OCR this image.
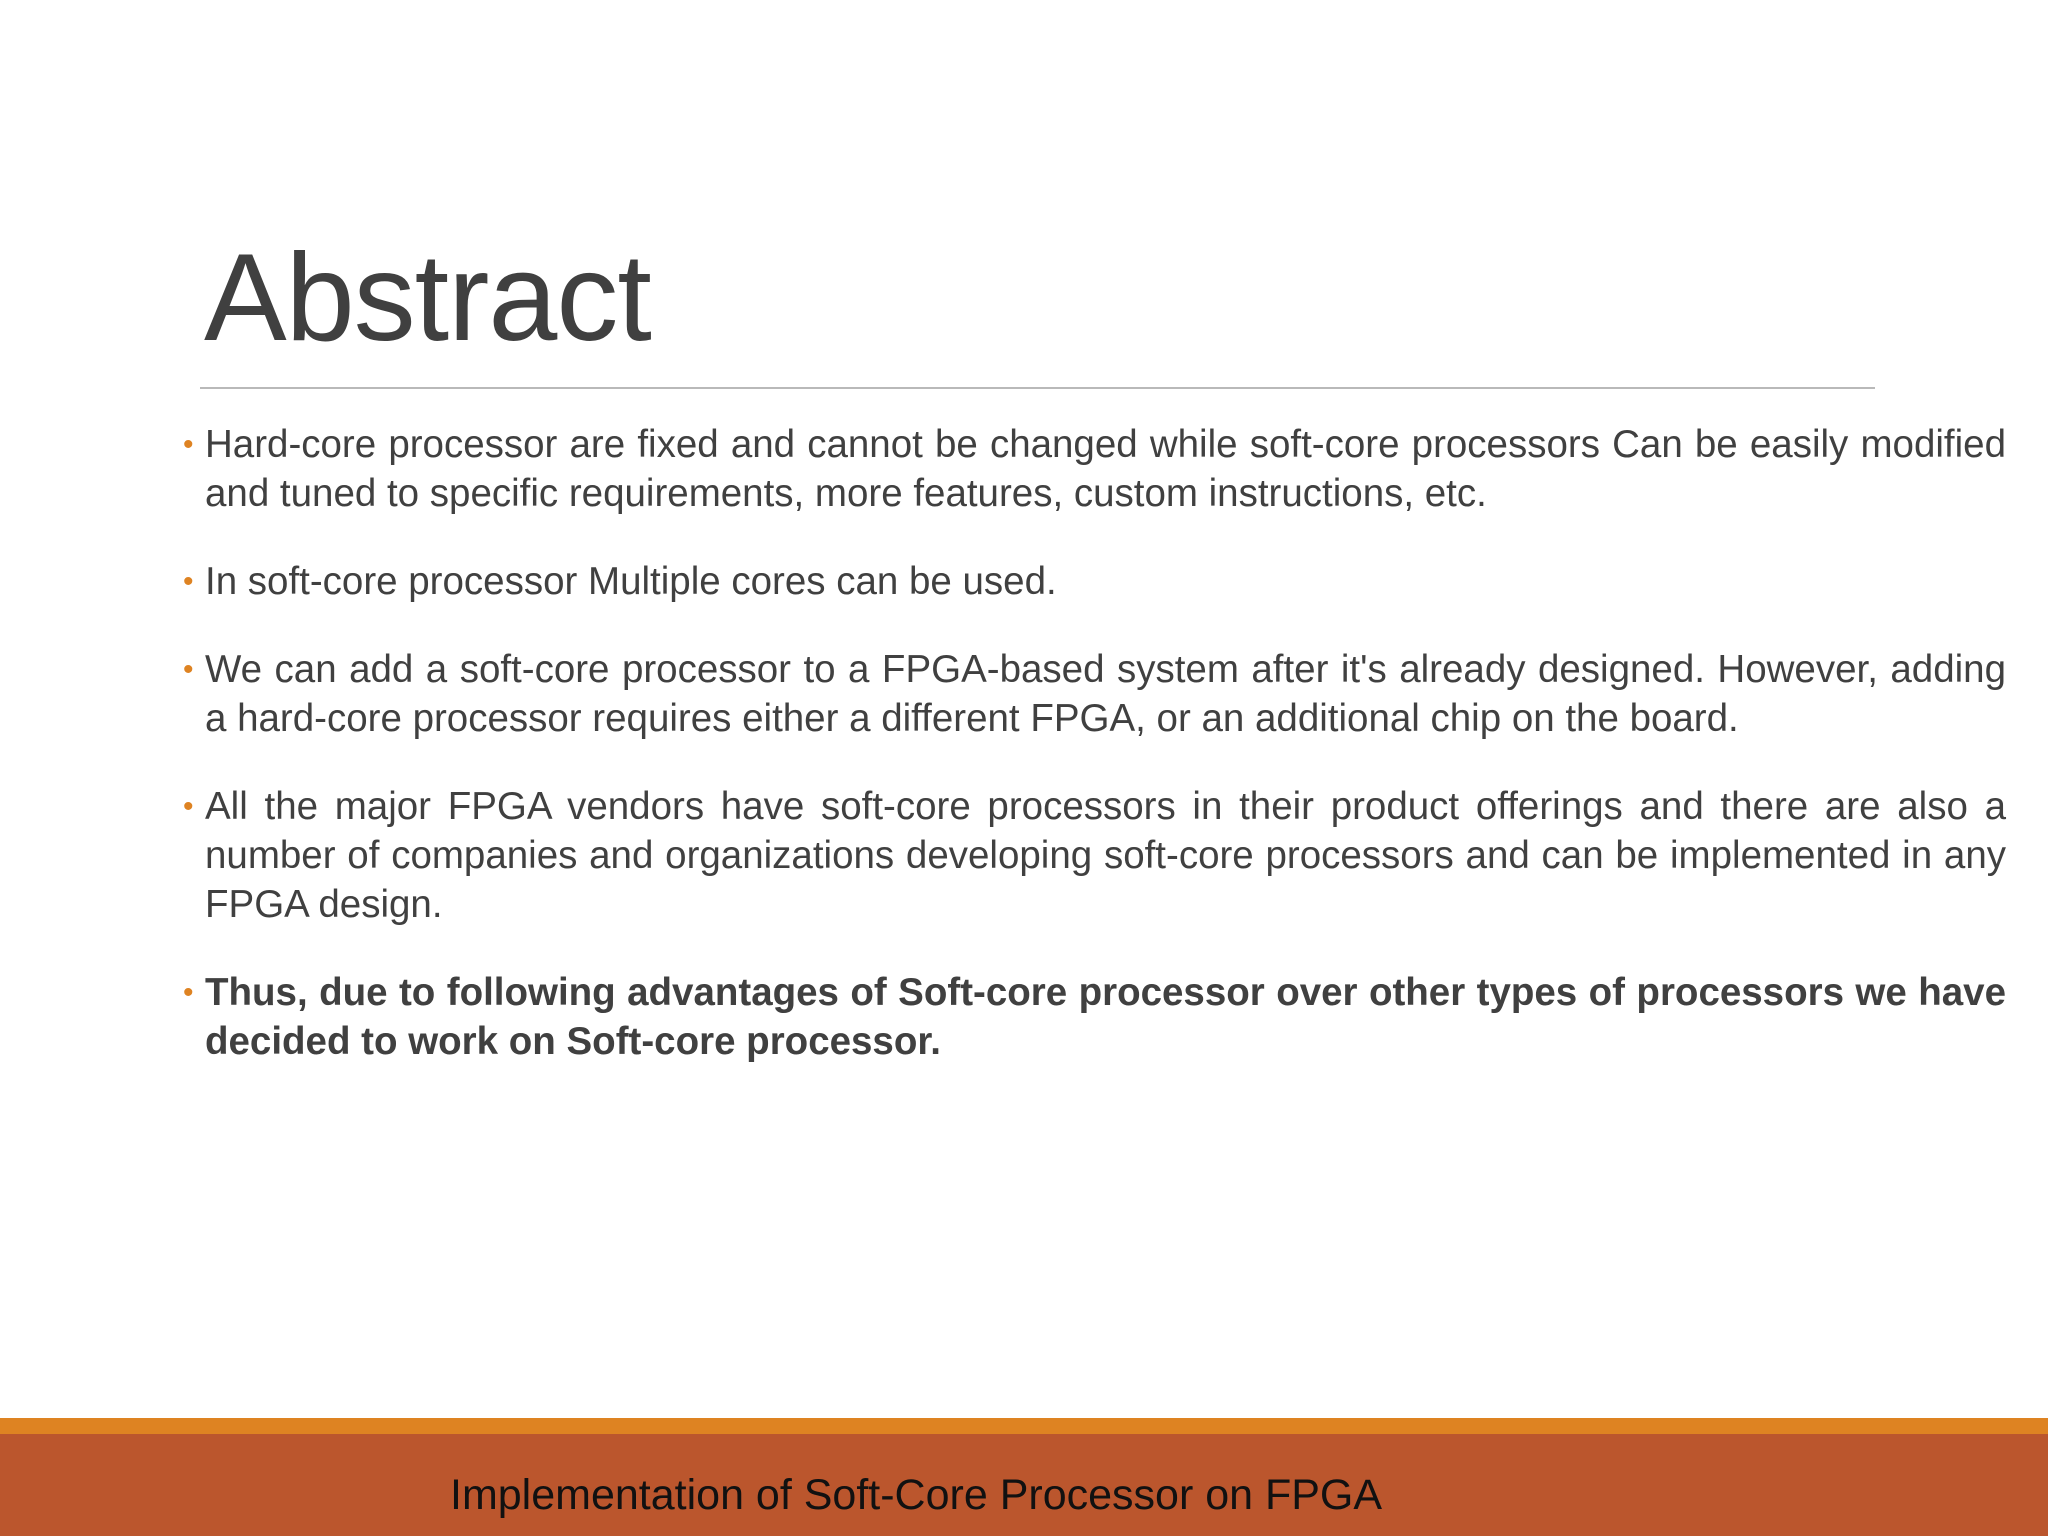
Abstract
• Hard-core processor are fixed and cannot be changed while soft-core processors Can be easily modified and tuned to specific requirements, more features, custom instructions, etc.
• In soft-core processor Multiple cores can be used.
• We can add a soft-core processor to a FPGA-based system after it's already designed. However, adding a hard-core processor requires either a different FPGA, or an additional chip on the board.
• All the major FPGA vendors have soft-core processors in their product offerings and there are also a number of companies and organizations developing soft-core processors and can be implemented in any FPGA design.
• Thus, due to following advantages of Soft-core processor over other types of processors we have decided to work on Soft-core processor.
Implementation of Soft-Core Processor on FPGA
